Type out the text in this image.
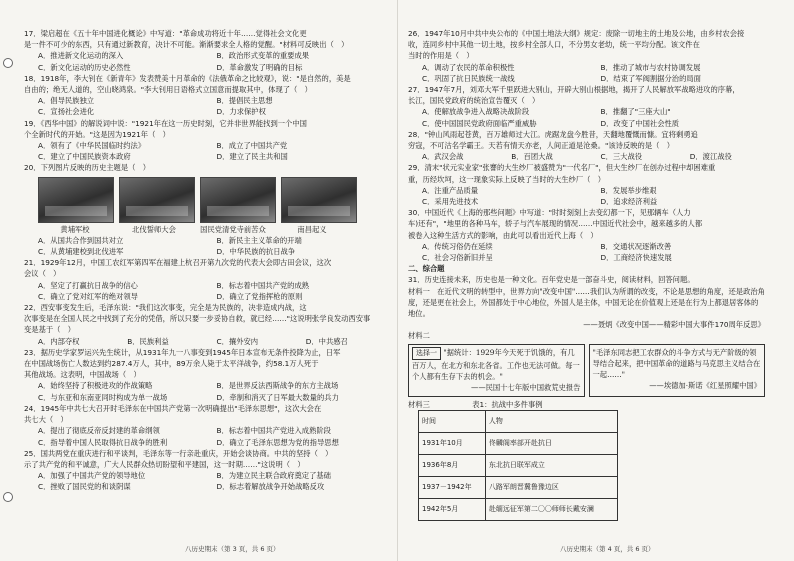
17．梁启超在《五十年中国进化概论》中写道："革命成功将近十年……觉得社会文化更
是一件不可少的东西，只有通过新教育，决计不可能。渐渐要求全人格的觉醒。"材料可反映出（　）
A．推进新文化运动的深入	B．政治形式变革的重要成果
C．新文化运动的历史必然性	D．革命激发了明确的目标
18．1918年，李大钊在《新青年》发表赞美十月革命的《法俄革命之比较观》，说："是自然的，美是
自由的；绝无人道的，空山晓鸿泉。"李大钊用日语格式立国意而提取其中，体现了（　）
A．倡导民族独立	B．提倡民主思想
C．宣扬社会进化	D．力求保护权
19．《西华中国》的解说词中说："1921年在这一历史时刻，它并非世界能找到一个中国
个全新时代的开始。"这是因为1921年（　）
A．领有了《中华民国临时约法》	B．成立了中国共产党
C．建立了中国民族资本政府	D．建立了民主共和国
20．下列图片反映的历史主题是（　）
黄埔军校	北伐誓师大会	国民党清党寺前苦众	南昌起义
A．从国共合作到国共对立	B．新民主主义革命的开端
C．从黄埔建校到北伐进军	D．中华民族的抗日战争
21．1929年12月，中国工农红军第四军在福建上杭召开第九次党的代表大会即古田会议，这次
会议（　）
A．坚定了打赢抗日战争的信心	B．标志着中国共产党的成熟
C．确立了党对红军的绝对领导	D．确立了党指挥枪的原则
22．西安事变发生后，毛泽东说："我们这次事变，完全是为民族的，决非造成内战，这
次事变是在全国人民之中找到了充分的凭借，所以只要一步妥协自救，就已经……"这说明张学良发动西安事
变是基于（　）
A．内部夺权	B．民族利益	C．攘外安内	D．中共感召
23．据历史学家罗运兴先生统计，从1931年九一八事变到1945年日本宣布无条件投降为止，日军
在中国战场伤亡人数达到约287.4万人，其中，89万余人毙于太平洋战争，约58.1万人死于
其他战场。这表明，中国战场（　）
A．始终坚持了积极进攻的作战策略	B．是世界反法西斯战争的东方主战场
C．与东亚和东南亚同时构成为单一战场	D．牵制和消灭了日军最大数量的兵力
24．1945年中共七大召开时毛泽东在中国共产党第一次明确提出"毛泽东思想"，这次大会在
共七大（　）
A．提出了彻底反帝反封建的革命纲领	B．标志着中国共产党进入成熟阶段
C．指导着中国人民取得抗日战争的胜利	D．确立了毛泽东思想为党的指导思想
25．国共两党在重庆进行和平谈判，毛泽东等一行亲赴重庆，开始会谈协商。中共的坚持（　）
示了共产党的和平诚意，广大人民群众热切盼望和平建国，这一时期……"这说明（　）
A．加强了中国共产党的领导地位	B．为建立民主联合政府奠定了基础
C．挫败了国民党的和谈阴谋	D．标志着解放战争开始战略反攻
八历史期末（第 3 页，共 6 页）
26．1947年10月中共中央公布的《中国土地法大纲》规定：废除一切地主的土地及公地，由乡村农会接
收，连同乡村中其他一切土地，按乡村全部人口，不分男女老幼，统一平均分配。该文件在
当时的作用是（　）
A．调动了农民的革命积极性	B．推动了城市与农村协调发展
C．巩固了抗日民族统一战线	D．结束了军阀割据分治的局面
27．1947年7月，刘邓大军千里跃进大别山，开辟大别山根据地，揭开了人民解放军战略进攻的序幕，
长江，国民党政府的统治宣告覆灭（　）
A．使解放战争进入战略决战阶段	B．推翻了"三座大山"
C．使中国国民党政府面临严重威胁	D．改变了中国社会性质
28．"钟山风雨起苍黄，百万雄师过大江。虎踞龙盘今胜昔，天翻地覆慨而慷。宜将剩勇追
穷寇，不可沽名学霸王。天若有情天亦老，人间正道是沧桑。"该诗反映的是（　）
A．武汉会战	B．百团大战	C．三大战役	D．渡江战役
29．清末"状元实业家"张謇的大生纱厂被盛赞为"一代名厂"，但大生纱厂在创办过程中却困难重
重，历经坎坷，这一现象实际上反映了当时的大生纱厂（　）
A．注重产品质量	B．发展举步维艰
C．采用先进技术	D．追求经济利益
30．中国近代《上海的那些问题》中写道："时时刻刻上去变幻都一下，见那辆车（人力
车)还有"，"地里的各种马车，轿子与汽车展现的情况……中国近代社会中，越来越多的人都
被卷入这种生活方式的影响，由此可以看出近代上海（　）
A．传统习俗仍在延续	B．交通状况逐渐改善
C．社会习俗新旧并呈	D．工商经济快速发展
二、综合题
31．历史连接未来，历史也是一种文化。百年党史是一部奋斗史，阅读材料，回答问题。
材料一　在近代文明的转型中，世界方向"改变中国"……我们认为所谓的改变，不论是思想的角度，还是政治角度，还是更在社会上，外国都处于中心地位，外国人是主体，中国无论在价值观上还是在行为上都退居客体的地位。
——聂炳《改变中国——精彩中国大事件170周年反思》
材料二
选择一 "据统计：1929年今天死于饥饿的，有几百万人，在北方和东北各省。工作也无法可做。每一个人都有生存下去的机会。"
——民国十七年版中国救荒史报告
"毛泽东同志把工农群众的斗争方式与无产阶级的领导结合起来，把中国革命的道路与马克思主义结合在一起……"
——埃德加·斯诺《红星照耀中国》
材料三	表1：抗战中多件事例
时间	人物
1931年10月	佟麟阁率部开赴抗日
1936年8月	东北抗日联军成立
1937－1942年	八路军朗晋冀鲁豫边区
1942年5月	赴缅远征军第二〇〇师师长戴安澜
八历史期末（第 4 页，共 6 页）
